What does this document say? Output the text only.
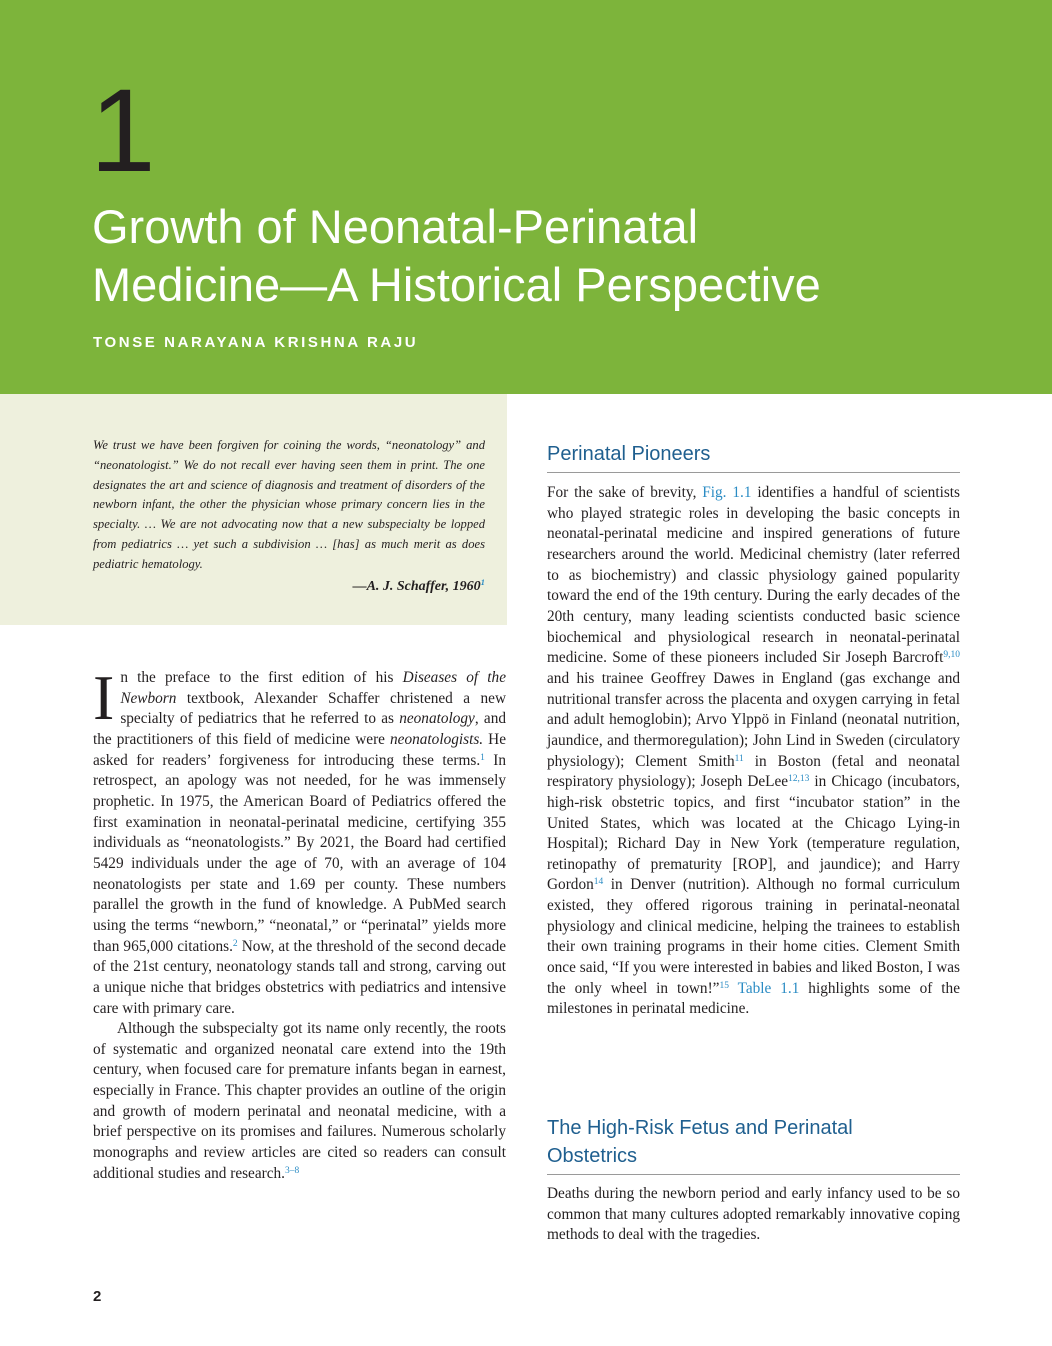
1
Growth of Neonatal-Perinatal
Medicine—A Historical Perspective
TONSE NARAYANA KRISHNA RAJU

We trust we have been forgiven for coining the words, “neonatology” and “neonatologist.” We do not recall ever having seen them in print. The one designates the art and science of diagnosis and treatment of disorders of the newborn infant, the other the physician whose primary concern lies in the specialty. … We are not advocating now that a new subspecialty be lopped from pediatrics … yet such a subdivision … [has] as much merit as does pediatric hematology.

—A. J. Schaffer, 1960$^1$

In the preface to the first edition of his Diseases of the Newborn textbook, Alexander Schaffer christened a new specialty of pediatrics that he referred to as neonatology, and the practitioners of this field of medicine were neonatologists. He asked for readers’ forgiveness for introducing these terms.$^1$ In retrospect, an apology was not needed, for he was immensely prophetic. In 1975, the American Board of Pediatrics offered the first examination in neonatal-perinatal medicine, certifying 355 individuals as “neonatologists.” By 2021, the Board had certified 5429 individuals under the age of 70, with an average of 104 neonatologists per state and 1.69 per county. These numbers parallel the growth in the fund of knowledge. A PubMed search using the terms “newborn,” “neonatal,” or “perinatal” yields more than 965,000 citations.$^2$ Now, at the threshold of the second decade of the 21st century, neonatology stands tall and strong, carving out a unique niche that bridges obstetrics with pediatrics and intensive care with primary care.

Although the subspecialty got its name only recently, the roots of systematic and organized neonatal care extend into the 19th century, when focused care for premature infants began in earnest, especially in France. This chapter provides an outline of the origin and growth of modern perinatal and neonatal medicine, with a brief perspective on its promises and failures. Numerous scholarly monographs and review articles are cited so readers can consult additional studies and research.$^{3-8}$

Perinatal Pioneers

For the sake of brevity, Fig. 1.1 identifies a handful of scientists who played strategic roles in developing the basic concepts in neonatal-perinatal medicine and inspired generations of future researchers around the world. Medicinal chemistry (later referred to as biochemistry) and classic physiology gained popularity toward the end of the 19th century. During the early decades of the 20th century, many leading scientists conducted basic science biochemical and physiological research in neonatal-perinatal medicine. Some of these pioneers included Sir Joseph Barcroft$^{9,10}$ and his trainee Geoffrey Dawes in England (gas exchange and nutritional transfer across the placenta and oxygen carrying in fetal and adult hemoglobin); Arvo Ylppö in Finland (neonatal nutrition, jaundice, and thermoregulation); John Lind in Sweden (circulatory physiology); Clement Smith$^{11}$ in Boston (fetal and neonatal respiratory physiology); Joseph DeLee$^{12,13}$ in Chicago (incubators, high-risk obstetric topics, and first “incubator station” in the United States, which was located at the Chicago Lying-in Hospital); Richard Day in New York (temperature regulation, retinopathy of prematurity [ROP], and jaundice); and Harry Gordon$^{14}$ in Denver (nutrition). Although no formal curriculum existed, they offered rigorous training in perinatal-neonatal physiology and clinical medicine, helping the trainees to establish their own training programs in their home cities. Clement Smith once said, “If you were interested in babies and liked Boston, I was the only wheel in town!”$^{15}$ Table 1.1 highlights some of the milestones in perinatal medicine.

The High-Risk Fetus and Perinatal
Obstetrics

Deaths during the newborn period and early infancy used to be so common that many cultures adopted remarkably innovative coping methods to deal with the tragedies.

2
